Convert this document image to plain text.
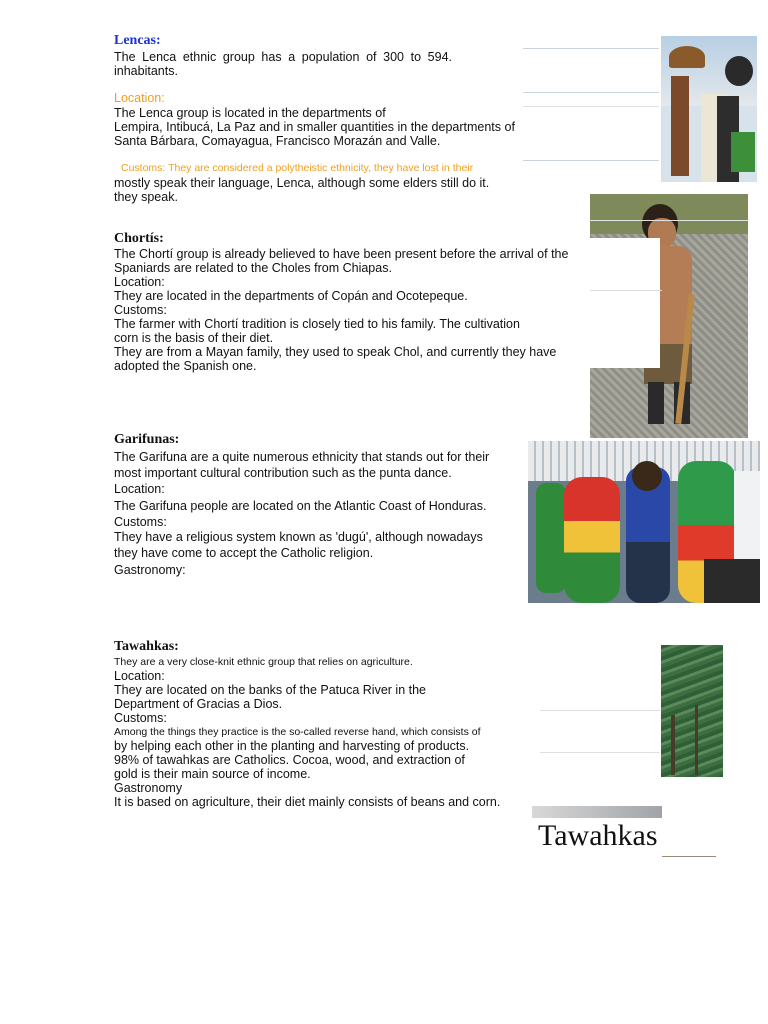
Lencas:
The Lenca ethnic group has a population of 300 to 594.
inhabitants.
Location:
The Lenca group is located in the departments of
Lempira, Intibucá, La Paz and in smaller quantities in the departments of
Santa Bárbara, Comayagua, Francisco Morazán and Valle.
Customs: They are considered a polytheistic ethnicity, they have lost in their
mostly speak their language, Lenca, although some elders still do it.
they speak.
Chortís:
The Chortí group is already believed to have been present before the arrival of the
Spaniards are related to the Choles from Chiapas.
Location:
They are located in the departments of Copán and Ocotepeque.
Customs:
The farmer with Chortí tradition is closely tied to his family. The cultivation
corn is the basis of their diet.
They are from a Mayan family, they used to speak Chol, and currently they have
adopted the Spanish one.
Garifunas:
The Garifuna are a quite numerous ethnicity that stands out for their
most important cultural contribution such as the punta dance.
Location:
The Garifuna people are located on the Atlantic Coast of Honduras.
Customs:
They have a religious system known as 'dugú', although nowadays
they have come to accept the Catholic religion.
Gastronomy:
Tawahkas:
They are a very close-knit ethnic group that relies on agriculture.
Location:
They are located on the banks of the Patuca River in the
Department of Gracias a Dios.
Customs:
Among the things they practice is the so-called reverse hand, which consists of
by helping each other in the planting and harvesting of products.
98% of tawahkas are Catholics. Cocoa, wood, and extraction of
gold is their main source of income.
Gastronomy
It is based on agriculture, their diet mainly consists of beans and corn.
Tawahkas
